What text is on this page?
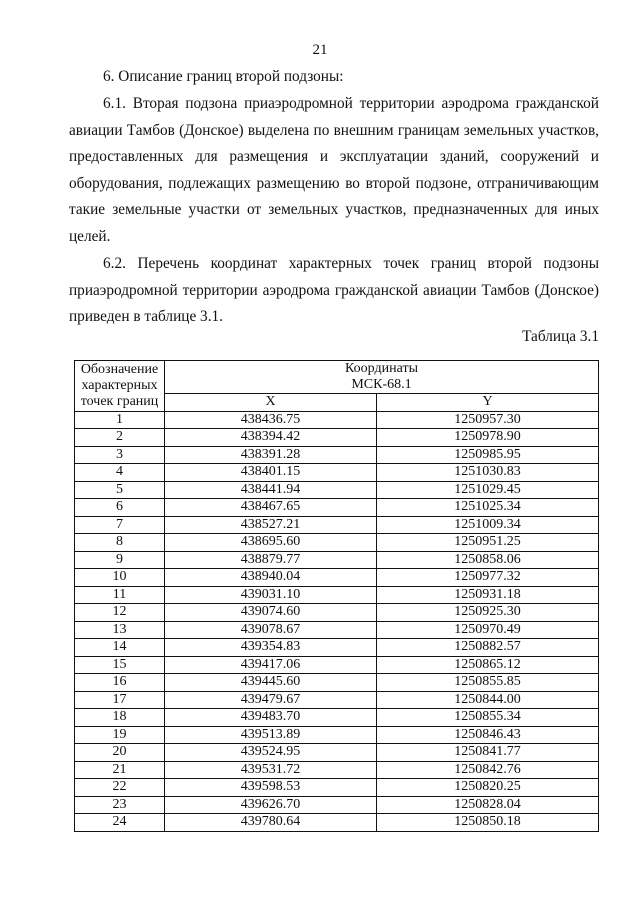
21

6. Описание границ второй подзоны:

6.1. Вторая подзона приаэродромной территории аэродрома гражданской авиации Тамбов (Донское) выделена по внешним границам земельных участков, предоставленных для размещения и эксплуатации зданий, сооружений и оборудования, подлежащих размещению во второй подзоне, отграничивающим такие земельные участки от земельных участков, предназначенных для иных целей.

6.2. Перечень координат характерных точек границ второй подзоны приаэродромной территории аэродрома гражданской авиации Тамбов (Донское) приведен в таблице 3.1.

Таблица 3.1
Обозначение
характерных
точек границ	Координаты
МСК-68.1	

	X	Y
1	438436.75	1250957.30
2	438394.42	1250978.90
3	438391.28	1250985.95
4	438401.15	1251030.83
5	438441.94	1251029.45
6	438467.65	1251025.34
7	438527.21	1251009.34
8	438695.60	1250951.25
9	438879.77	1250858.06
10	438940.04	1250977.32
11	439031.10	1250931.18
12	439074.60	1250925.30
13	439078.67	1250970.49
14	439354.83	1250882.57
15	439417.06	1250865.12
16	439445.60	1250855.85
17	439479.67	1250844.00
18	439483.70	1250855.34
19	439513.89	1250846.43
20	439524.95	1250841.77
21	439531.72	1250842.76
22	439598.53	1250820.25
23	439626.70	1250828.04
24	439780.64	1250850.18
